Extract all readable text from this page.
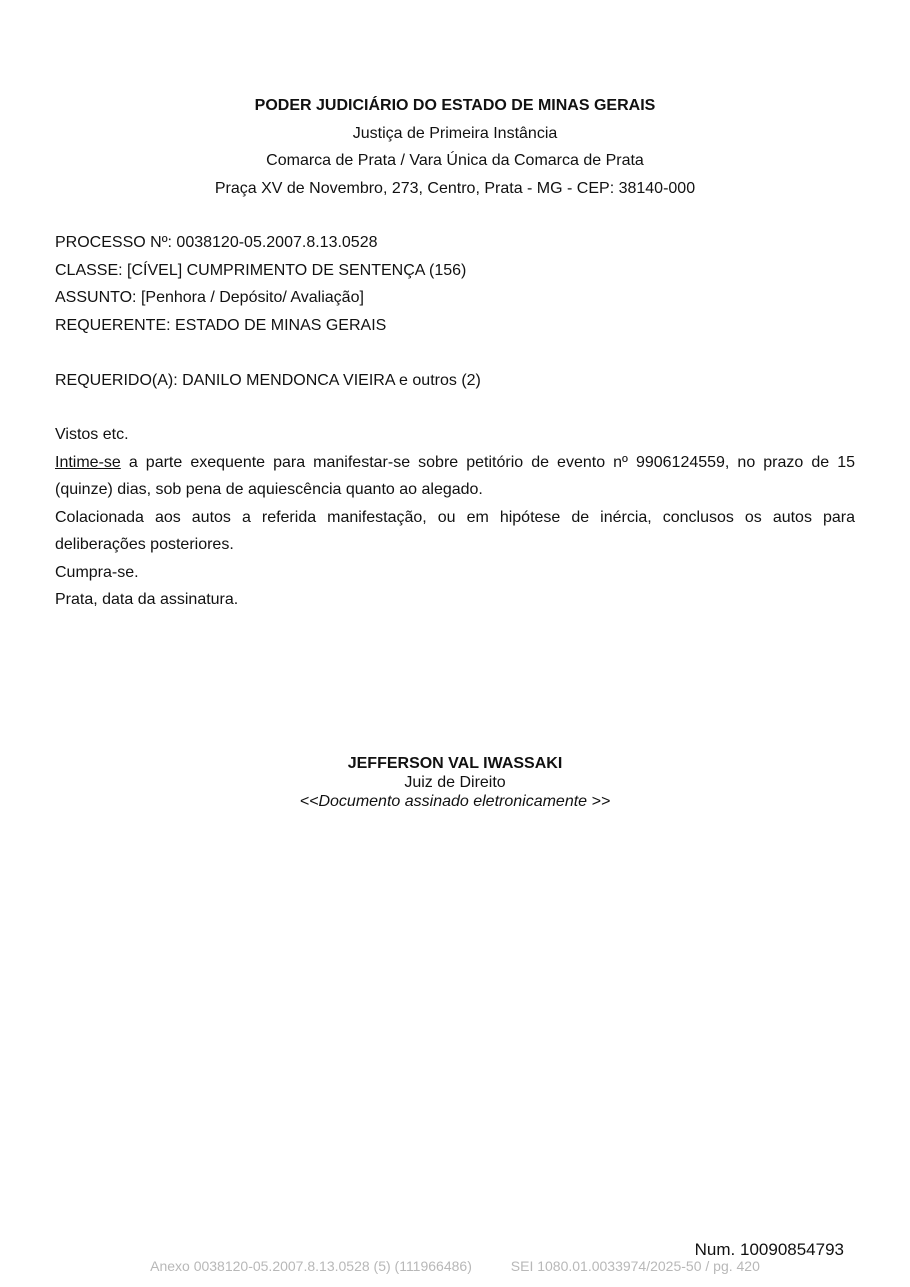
PODER JUDICIÁRIO DO ESTADO DE MINAS GERAIS
Justiça de Primeira Instância
Comarca de Prata / Vara Única da Comarca de Prata
Praça XV de Novembro, 273, Centro, Prata - MG - CEP: 38140-000
PROCESSO Nº: 0038120-05.2007.8.13.0528
CLASSE: [CÍVEL] CUMPRIMENTO DE SENTENÇA (156)
ASSUNTO: [Penhora / Depósito/ Avaliação]
REQUERENTE: ESTADO DE MINAS GERAIS
REQUERIDO(A): DANILO MENDONCA VIEIRA e outros (2)

Vistos etc.

Intime-se a parte exequente para manifestar-se sobre petitório de evento nº 9906124559, no prazo de 15 (quinze) dias, sob pena de aquiescência quanto ao alegado.

Colacionada aos autos a referida manifestação, ou em hipótese de inércia, conclusos os autos para deliberações posteriores.

Cumpra-se.

Prata, data da assinatura.

JEFFERSON VAL IWASSAKI
Juiz de Direito
<<Documento assinado eletronicamente >>
Num. 10090854793
Anexo 0038120-05.2007.8.13.0528 (5) (111966486)	SEI 1080.01.0033974/2025-50 / pg. 420
